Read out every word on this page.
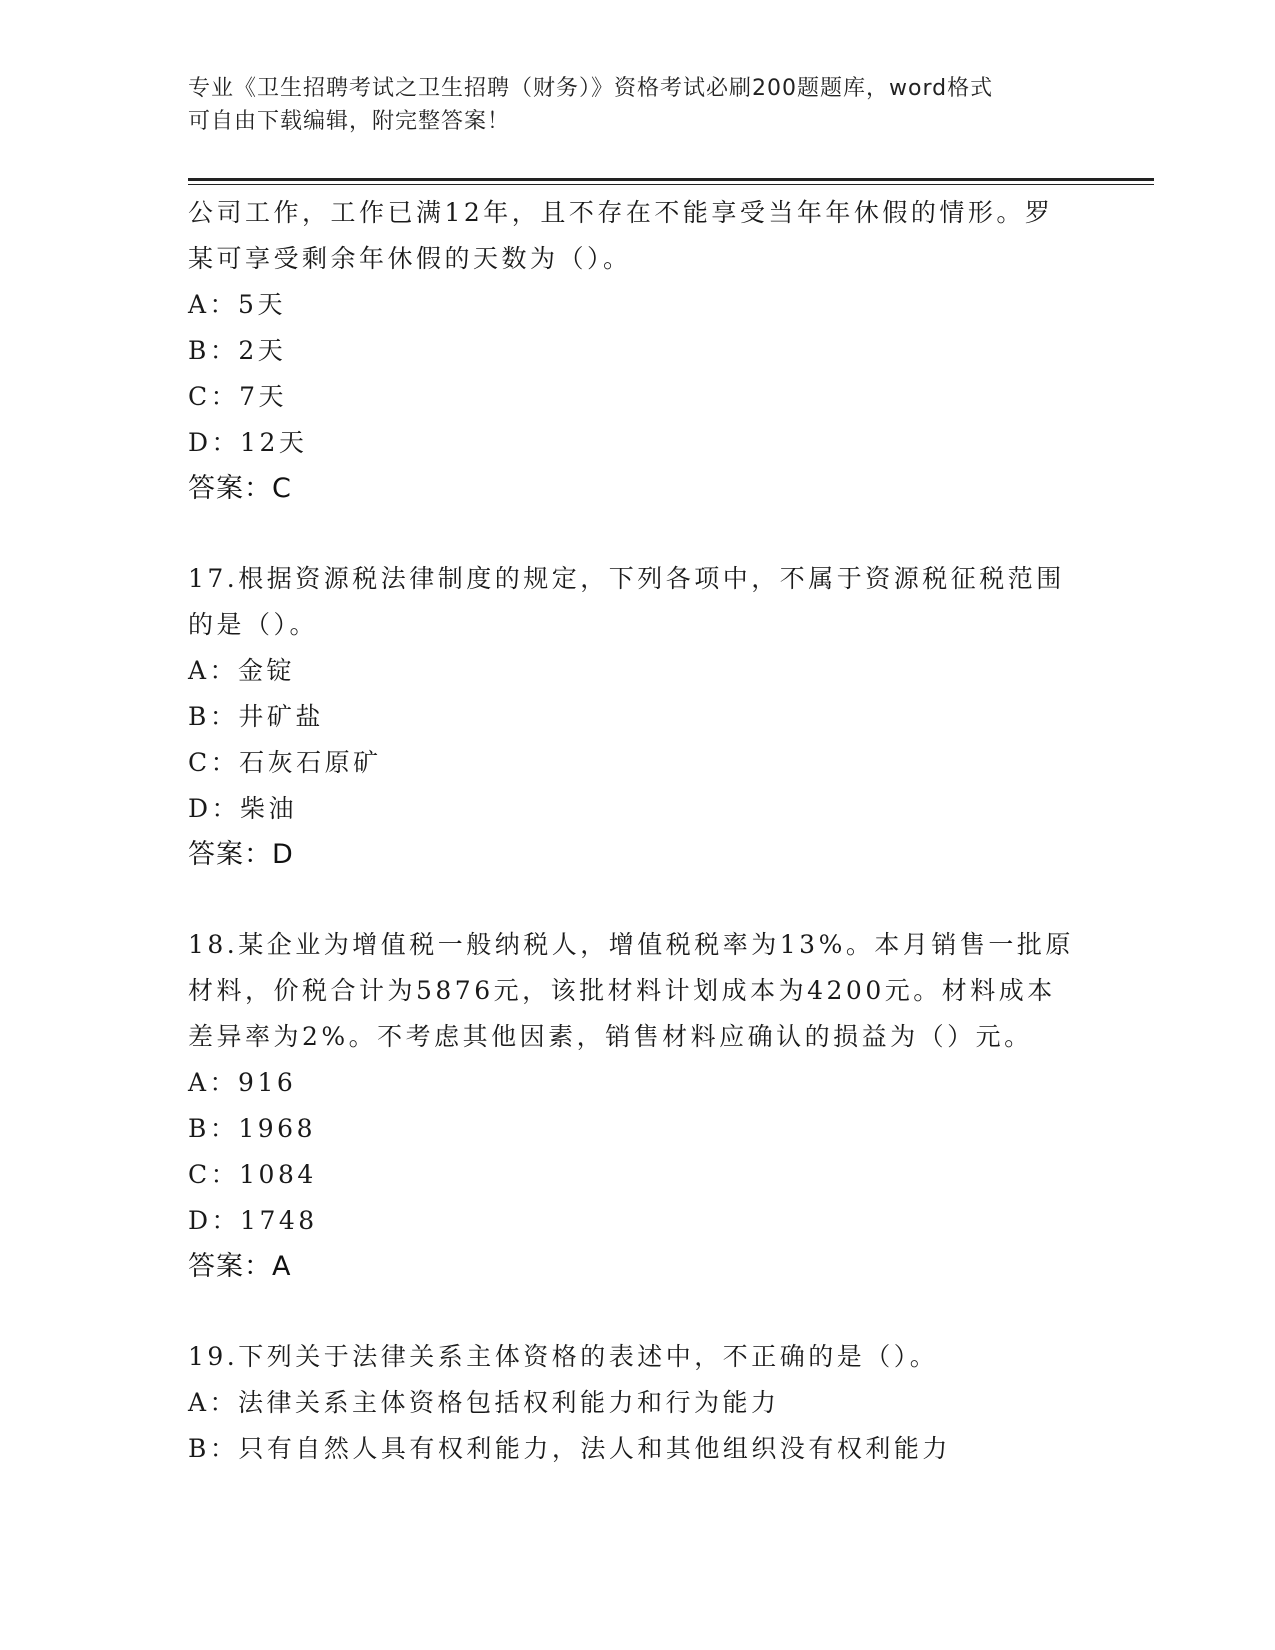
专业《卫生招聘考试之卫生招聘（财务）》资格考试必刷200题题库，word格式
可自由下载编辑，附完整答案！
公司工作，工作已满12年，且不存在不能享受当年年休假的情形。罗
某可享受剩余年休假的天数为（）。
A：5天
B：2天
C：7天
D：12天
答案：C
17.根据资源税法律制度的规定，下列各项中，不属于资源税征税范围
的是（）。
A：金锭
B：井矿盐
C：石灰石原矿
D：柴油
答案：D
18.某企业为增值税一般纳税人，增值税税率为13%。本月销售一批原
材料，价税合计为5876元，该批材料计划成本为4200元。材料成本
差异率为2%。不考虑其他因素，销售材料应确认的损益为（）元。
A：916
B：1968
C：1084
D：1748
答案：A
19.下列关于法律关系主体资格的表述中，不正确的是（）。
A：法律关系主体资格包括权利能力和行为能力
B：只有自然人具有权利能力，法人和其他组织没有权利能力
